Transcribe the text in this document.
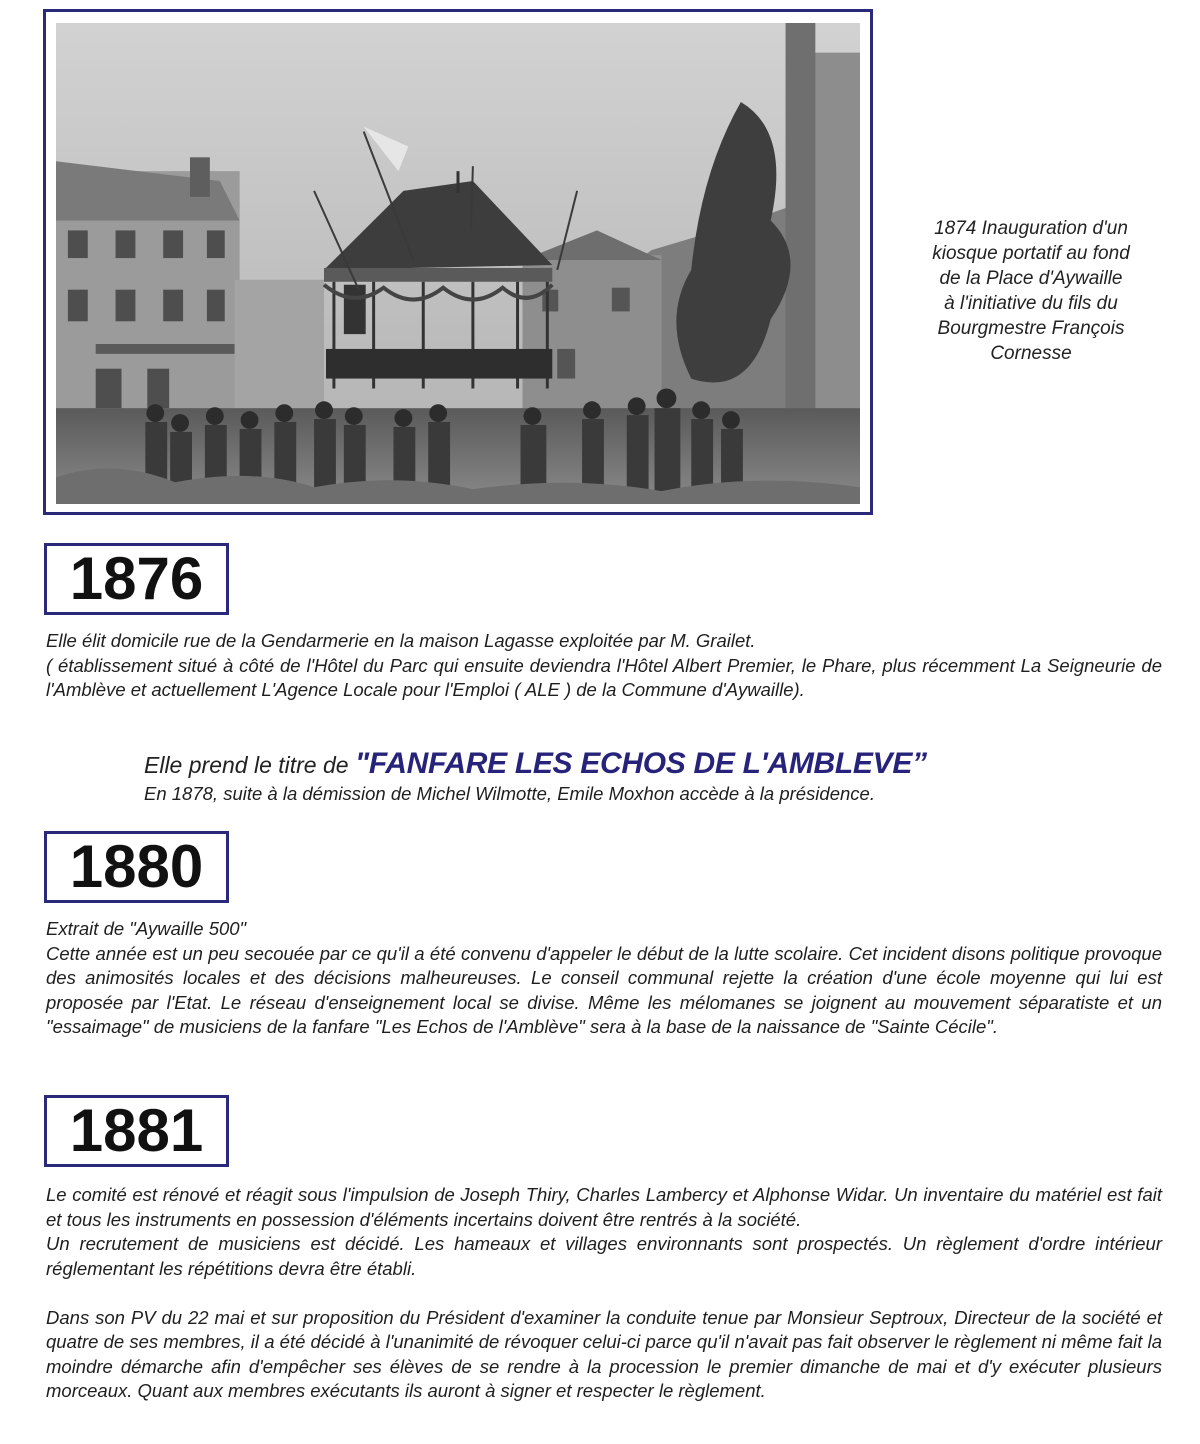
1874 Inauguration d'un
kiosque portatif au fond
de la Place d'Aywaille
à l'initiative du fils du
Bourgmestre François
Cornesse
1876

Elle élit domicile rue de la Gendarmerie en la maison Lagasse exploitée par M. Grailet.

( établissement situé à côté de l'Hôtel du Parc qui ensuite deviendra l'Hôtel Albert Premier, le Phare, plus récemment La Seigneurie de l'Amblève et actuellement L'Agence Locale pour l'Emploi ( ALE ) de la Commune d'Aywaille).

Elle prend le titre de "FANFARE LES ECHOS DE L'AMBLEVE”
En 1878, suite à la démission de Michel Wilmotte, Emile Moxhon accède à la présidence.
1880

Extrait de "Aywaille 500"

Cette année est un peu secouée par ce qu'il a été convenu d'appeler le début de la lutte scolaire. Cet incident disons politique provoque des animosités locales et des décisions malheureuses. Le conseil communal rejette la création d'une école moyenne qui lui est proposée par l'Etat. Le réseau d'enseignement local se divise. Même les mélomanes se joignent au mouvement séparatiste et un "essaimage" de musiciens de la fanfare "Les Echos de l'Amblève" sera à la base de la naissance de "Sainte Cécile".

1881

Le comité est rénové et réagit sous l'impulsion de Joseph Thiry, Charles Lambercy et Alphonse Widar. Un inventaire du matériel est fait et tous les instruments en possession d'éléments incertains doivent être rentrés à la société.

Un recrutement de musiciens est décidé. Les hameaux et villages environnants sont prospectés. Un règlement d'ordre intérieur réglementant les répétitions devra être établi.

Dans son PV du 22 mai et sur proposition du Président d'examiner la conduite tenue par Monsieur Septroux, Directeur de la société et quatre de ses membres, il a été décidé à l'unanimité de révoquer celui-ci parce qu'il n'avait pas fait observer le règlement ni même fait la moindre démarche afin d'empêcher ses élèves de se rendre à la procession le premier dimanche de mai et d'y exécuter plusieurs morceaux. Quant aux membres exécutants ils auront à signer et respecter le règlement.
